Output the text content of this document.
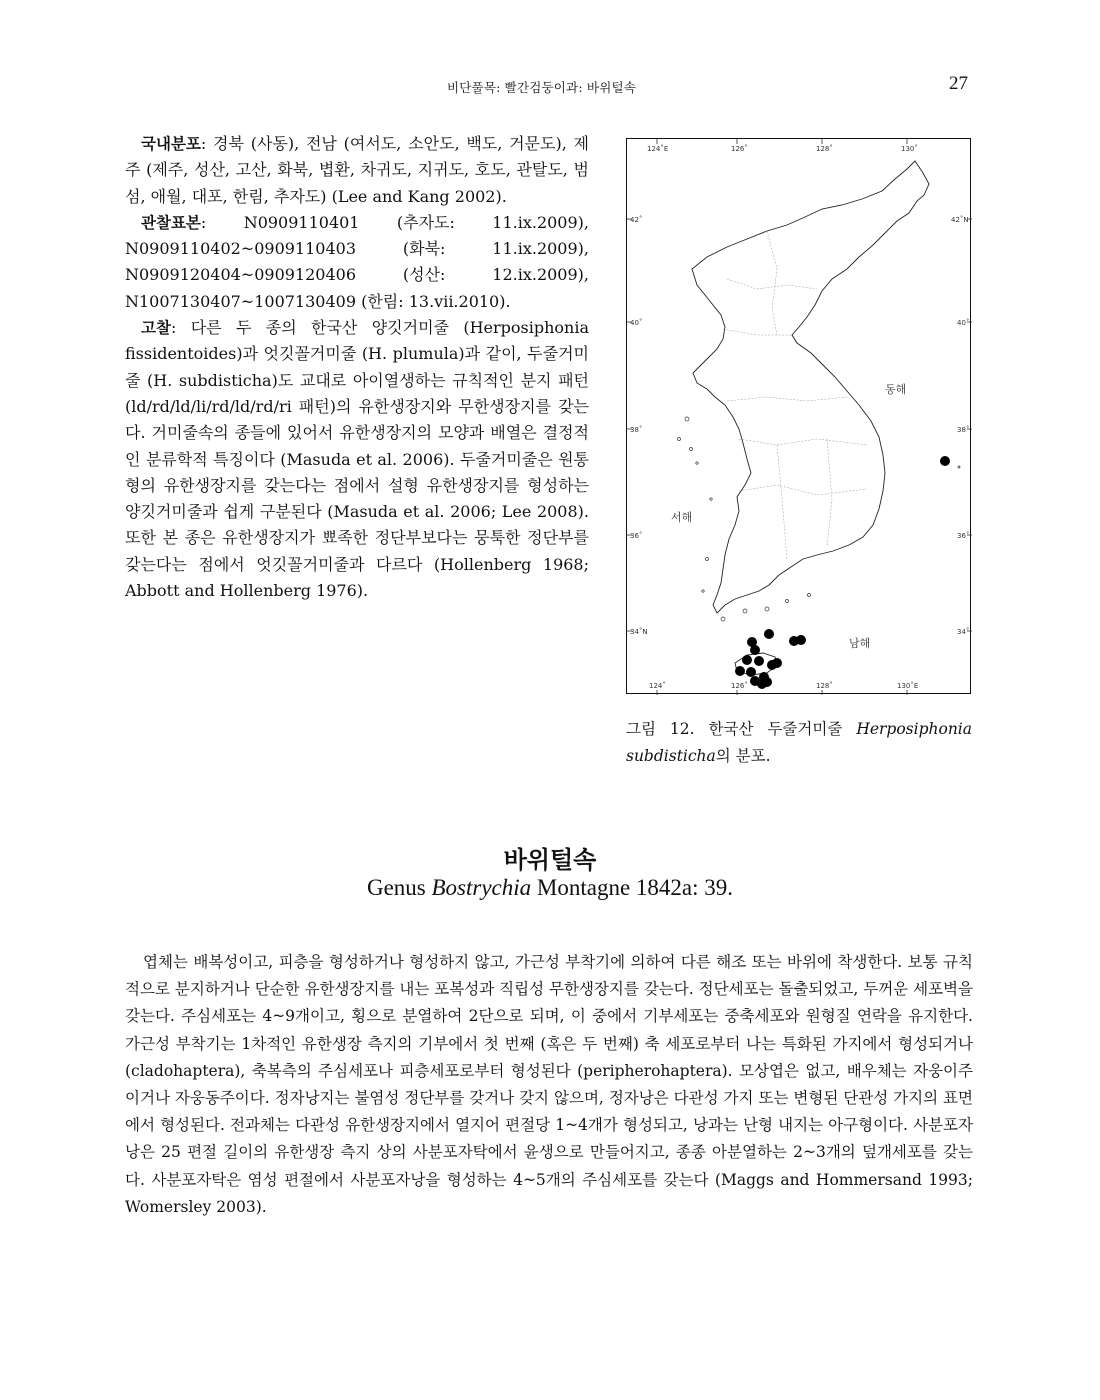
비단풀목: 빨간검둥이과: 바위털속	27

국내분포: 경북 (사동), 전남 (여서도, 소안도, 백도, 거문도), 제주 (제주, 성산, 고산, 화북, 볍환, 차귀도, 지귀도, 호도, 관탈도, 범섬, 애월, 대포, 한림, 추자도) (Lee and Kang 2002).

관찰표본: N0909110401 (추자도: 11.ix.2009), N0909110402~0909110403 (화북: 11.ix.2009), N0909120404~0909120406 (성산: 12.ix.2009), N1007130407~1007130409 (한림: 13.vii.2010).

고찰: 다른 두 종의 한국산 양깃거미줄 (Herposiphonia fissidentoides)과 엇깃꼴거미줄 (H. plumula)과 같이, 두줄거미줄 (H. subdisticha)도 교대로 아이열생하는 규칙적인 분지 패턴 (ld/rd/ld/li/rd/ld/rd/ri 패턴)의 유한생장지와 무한생장지를 갖는다. 거미줄속의 종들에 있어서 유한생장지의 모양과 배열은 결정적인 분류학적 특징이다 (Masuda et al. 2006). 두줄거미줄은 원통형의 유한생장지를 갖는다는 점에서 설형 유한생장지를 형성하는 양깃거미줄과 쉽게 구분된다 (Masuda et al. 2006; Lee 2008). 또한 본 종은 유한생장지가 뾰족한 정단부보다는 뭉툭한 정단부를 갖는다는 점에서 엇깃꼴거미줄과 다르다 (Hollenberg 1968; Abbott and Hollenberg 1976).

124˚E	126˚	128˚	130˚
124˚	126˚	128˚	130˚E
42˚
40˚
38˚
36˚
34˚N
42˚N
40˚
38˚
36˚
34˚
동해
서해
남해
그림 12. 한국산 두줄거미줄 Herposiphonia subdisticha의 분포.
바위털속
Genus Bostrychia Montagne 1842a: 39.

엽체는 배복성이고, 피층을 형성하거나 형성하지 않고, 가근성 부착기에 의하여 다른 해조 또는 바위에 착생한다. 보통 규칙적으로 분지하거나 단순한 유한생장지를 내는 포복성과 직립성 무한생장지를 갖는다. 정단세포는 돌출되었고, 두꺼운 세포벽을 갖는다. 주심세포는 4~9개이고, 횡으로 분열하여 2단으로 되며, 이 중에서 기부세포는 중축세포와 원형질 연락을 유지한다. 가근성 부착기는 1차적인 유한생장 측지의 기부에서 첫 번째 (혹은 두 번째) 축 세포로부터 나는 특화된 가지에서 형성되거나 (cladohaptera), 축복측의 주심세포나 피층세포로부터 형성된다 (peripherohaptera). 모상엽은 없고, 배우체는 자웅이주이거나 자웅동주이다. 정자낭지는 불염성 정단부를 갖거나 갖지 않으며, 정자낭은 다관성 가지 또는 변형된 단관성 가지의 표면에서 형성된다. 전과체는 다관성 유한생장지에서 열지어 편절당 1~4개가 형성되고, 낭과는 난형 내지는 아구형이다. 사분포자낭은 25 편절 길이의 유한생장 측지 상의 사분포자탁에서 윤생으로 만들어지고, 종종 아분열하는 2~3개의 덮개세포를 갖는다. 사분포자탁은 염성 편절에서 사분포자낭을 형성하는 4~5개의 주심세포를 갖는다 (Maggs and Hommersand 1993; Womersley 2003).
